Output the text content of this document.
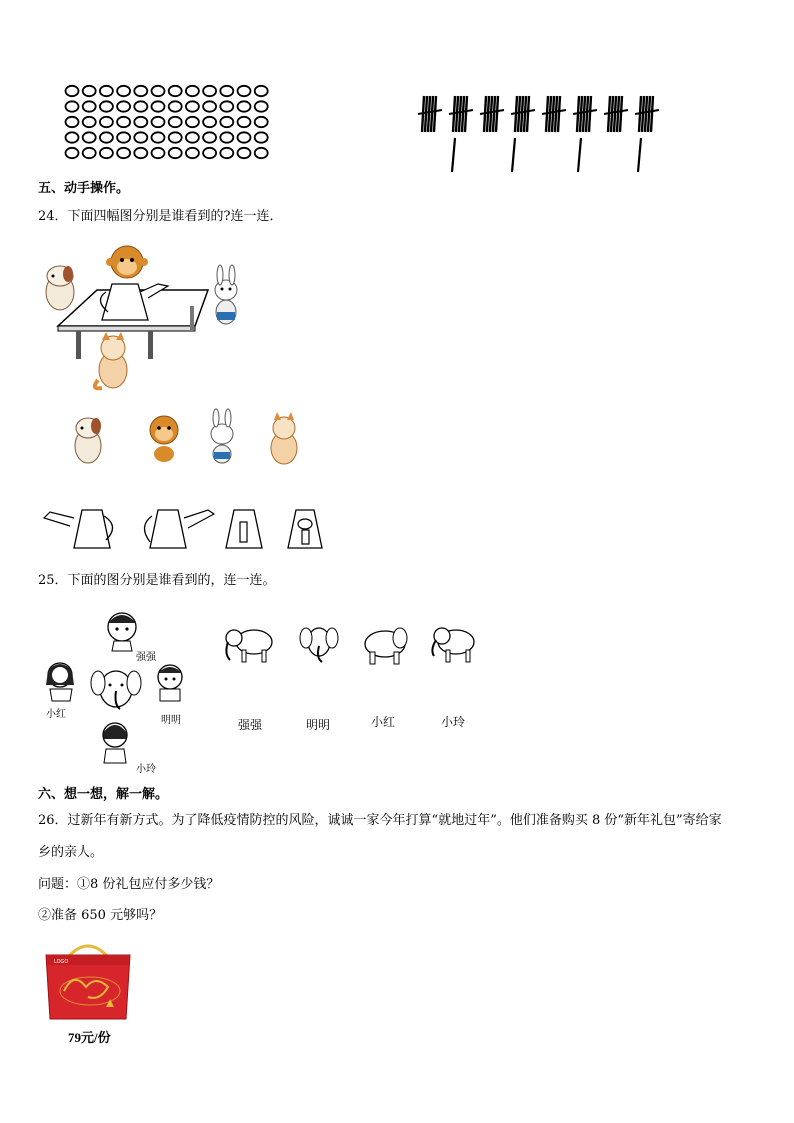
五、动手操作。
24．下面四幅图分别是谁看到的?连一连．
25．下面的图分别是谁看到的，连一连。
强强
小红
明明
小玲
强强	明明	小红	小玲
六、想一想，解一解。
26．过新年有新方式。为了降低疫情防控的风险，诚诚一家今年打算“就地过年”。他们准备购买 8 份“新年礼包”寄给家
乡的亲人。
问题：①8 份礼包应付多少钱？
②准备 650 元够吗？
LOGO
79元/份
